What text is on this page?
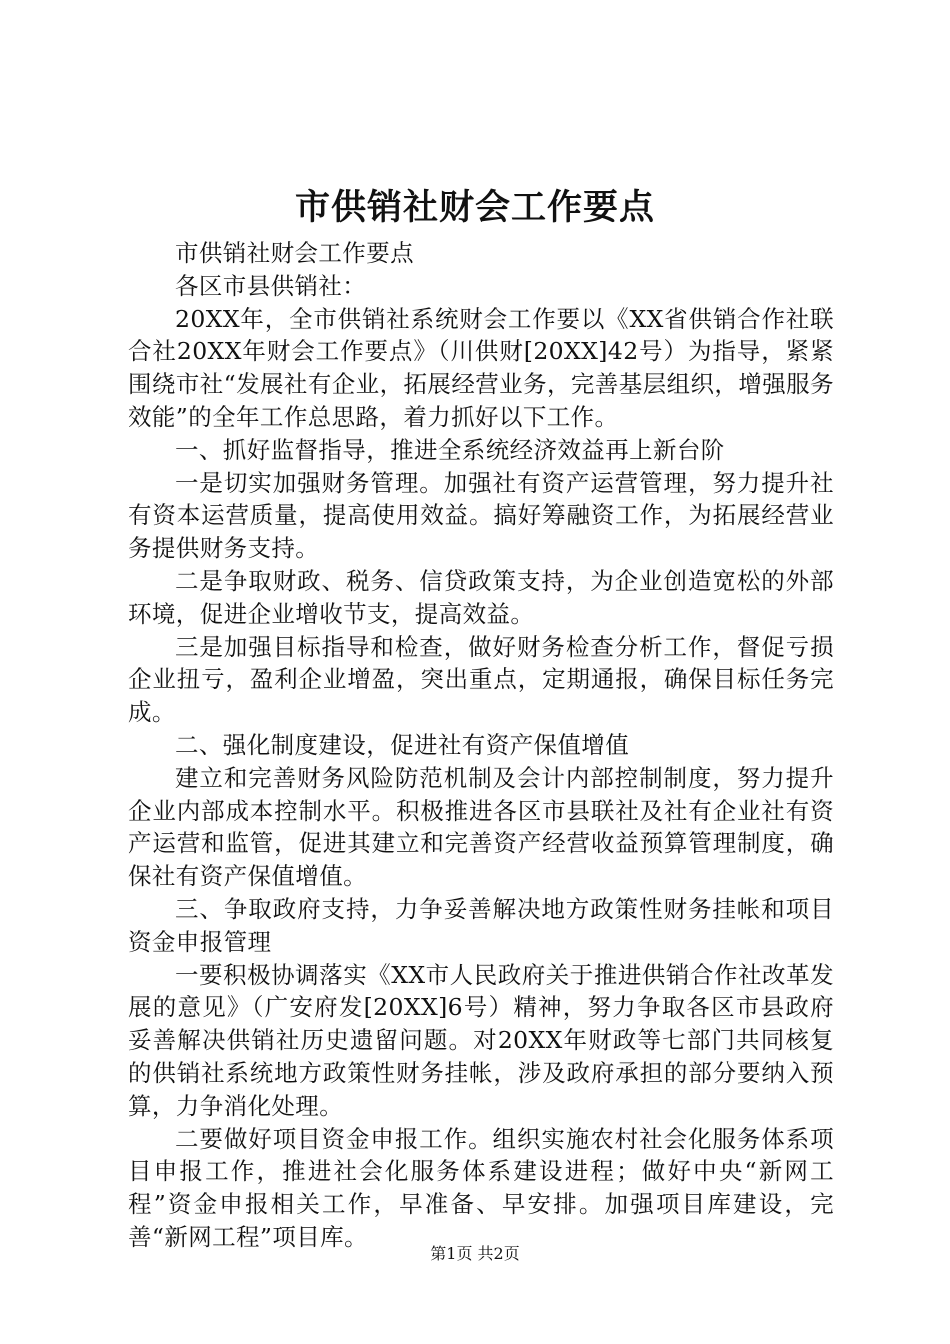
市供销社财会工作要点

市供销社财会工作要点

各区市县供销社：

20XX年，全市供销社系统财会工作要以《XX省供销合作社联合社20XX年财会工作要点》（川供财[20XX]42号）为指导，紧紧围绕市社“发展社有企业，拓展经营业务，完善基层组织，增强服务效能”的全年工作总思路，着力抓好以下工作。

一、抓好监督指导，推进全系统经济效益再上新台阶

一是切实加强财务管理。加强社有资产运营管理，努力提升社有资本运营质量，提高使用效益。搞好筹融资工作，为拓展经营业务提供财务支持。

二是争取财政、税务、信贷政策支持，为企业创造宽松的外部环境，促进企业增收节支，提高效益。

三是加强目标指导和检查，做好财务检查分析工作，督促亏损企业扭亏，盈利企业增盈，突出重点，定期通报，确保目标任务完成。

二、强化制度建设，促进社有资产保值增值

建立和完善财务风险防范机制及会计内部控制制度，努力提升企业内部成本控制水平。积极推进各区市县联社及社有企业社有资产运营和监管，促进其建立和完善资产经营收益预算管理制度，确保社有资产保值增值。

三、争取政府支持，力争妥善解决地方政策性财务挂帐和项目资金申报管理

一要积极协调落实《XX市人民政府关于推进供销合作社改革发展的意见》（广安府发[20XX]6号）精神，努力争取各区市县政府妥善解决供销社历史遗留问题。对20XX年财政等七部门共同核复的供销社系统地方政策性财务挂帐，涉及政府承担的部分要纳入预算，力争消化处理。

二要做好项目资金申报工作。组织实施农村社会化服务体系项目申报工作，推进社会化服务体系建设进程；做好中央“新网工程”资金申报相关工作，早准备、早安排。加强项目库建设，完善“新网工程”项目库。

第1页 共2页
